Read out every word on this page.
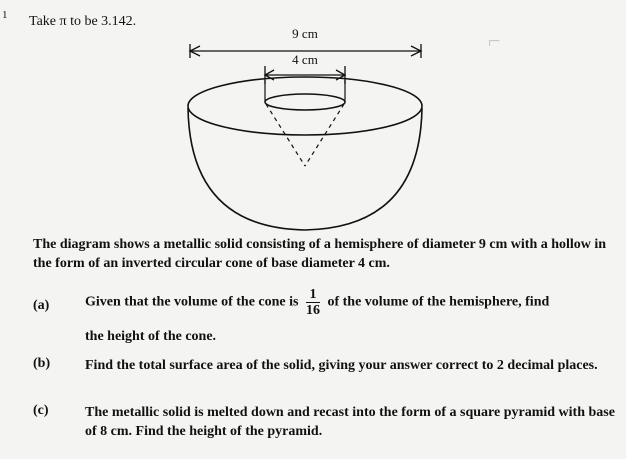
⌐
1 Take π to be 3.142.
9 cm
4 cm
The diagram shows a metallic solid consisting of a hemisphere of diameter 9 cm with a hollow in the form of an inverted circular cone of base diameter 4 cm.
(a)	Given that the volume of the cone is $\frac{1}{16}$ of the volume of the hemisphere, find
the height of the cone.
(b) Find the total surface area of the solid, giving your answer correct to 2 decimal places.
(c)	The metallic solid is melted down and recast into the form of a square pyramid with base of 8 cm. Find the height of the pyramid.
